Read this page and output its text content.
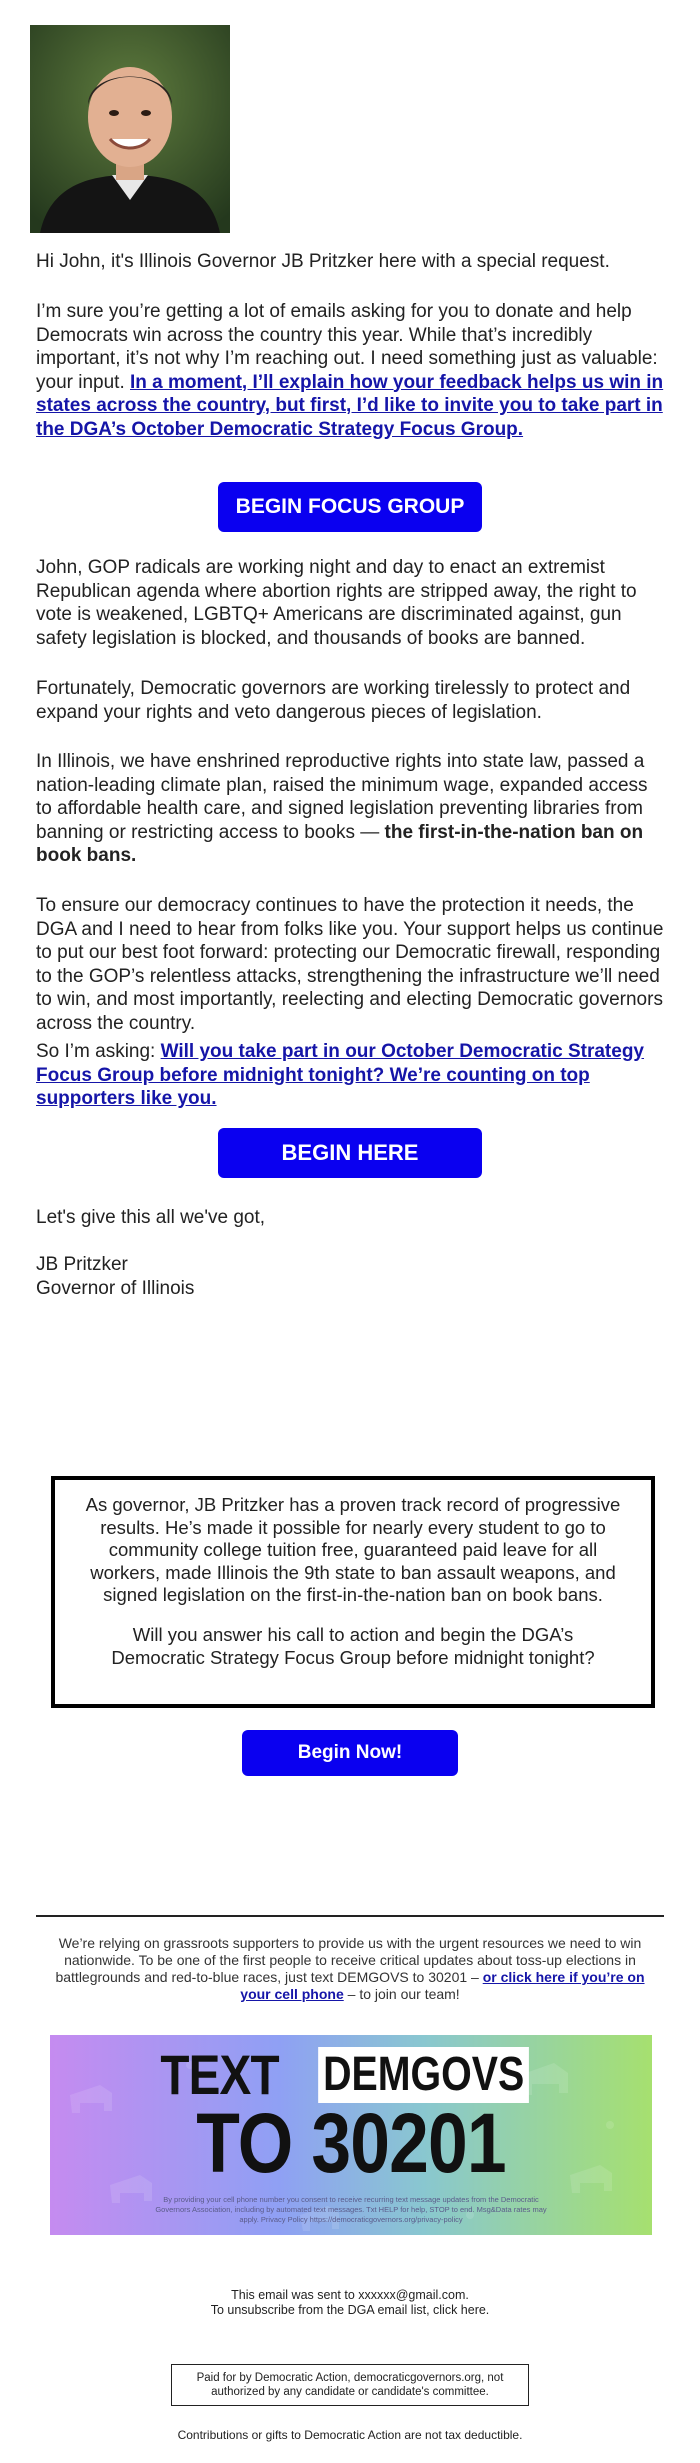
Hi John, it's Illinois Governor JB Pritzker here with a special request.

I’m sure you’re getting a lot of emails asking for you to donate and help Democrats win across the country this year. While that’s incredibly important, it’s not why I’m reaching out. I need something just as valuable: your input. In a moment, I’ll explain how your feedback helps us win in states across the country, but first, I’d like to invite you to take part in the DGA’s October Democratic Strategy Focus Group.

BEGIN FOCUS GROUP

John, GOP radicals are working night and day to enact an extremist Republican agenda where abortion rights are stripped away, the right to vote is weakened, LGBTQ+ Americans are discriminated against, gun safety legislation is blocked, and thousands of books are banned.

Fortunately, Democratic governors are working tirelessly to protect and expand your rights and veto dangerous pieces of legislation.

In Illinois, we have enshrined reproductive rights into state law, passed a nation-leading climate plan, raised the minimum wage, expanded access to affordable health care, and signed legislation preventing libraries from banning or restricting access to books — the first-in-the-nation ban on book bans.

To ensure our democracy continues to have the protection it needs, the DGA and I need to hear from folks like you. Your support helps us continue to put our best foot forward: protecting our Democratic firewall, responding to the GOP’s relentless attacks, strengthening the infrastructure we’ll need to win, and most importantly, reelecting and electing Democratic governors across the country.

So I’m asking: Will you take part in our October Democratic Strategy Focus Group before midnight tonight? We’re counting on top supporters like you.

BEGIN HERE

Let's give this all we've got,

JB Pritzker

Governor of Illinois

As governor, JB Pritzker has a proven track record of progressive results. He’s made it possible for nearly every student to go to community college tuition free, guaranteed paid leave for all workers, made Illinois the 9th state to ban assault weapons, and signed legislation on the first-in-the-nation ban on book bans.

Will you answer his call to action and begin the DGA’s Democratic Strategy Focus Group before midnight tonight?

Begin Now!
We’re relying on grassroots supporters to provide us with the urgent resources we need to win nationwide. To be one of the first people to receive critical updates about toss-up elections in battlegrounds and red-to-blue races, just text DEMGOVS to 30201 – or click here if you’re on your cell phone – to join our team!
TEXT DEMGOVS
TO 30201
By providing your cell phone number you consent to receive recurring text message updates from the Democratic Governors Association, including by automated text messages. Txt HELP for help, STOP to end. Msg&Data rates may apply. Privacy Policy https://democraticgovernors.org/privacy-policy
This email was sent to xxxxxx@gmail.com.
To unsubscribe from the DGA email list, click here.
Paid for by Democratic Action, democraticgovernors.org, not authorized by any candidate or candidate's committee.
Contributions or gifts to Democratic Action are not tax deductible.
